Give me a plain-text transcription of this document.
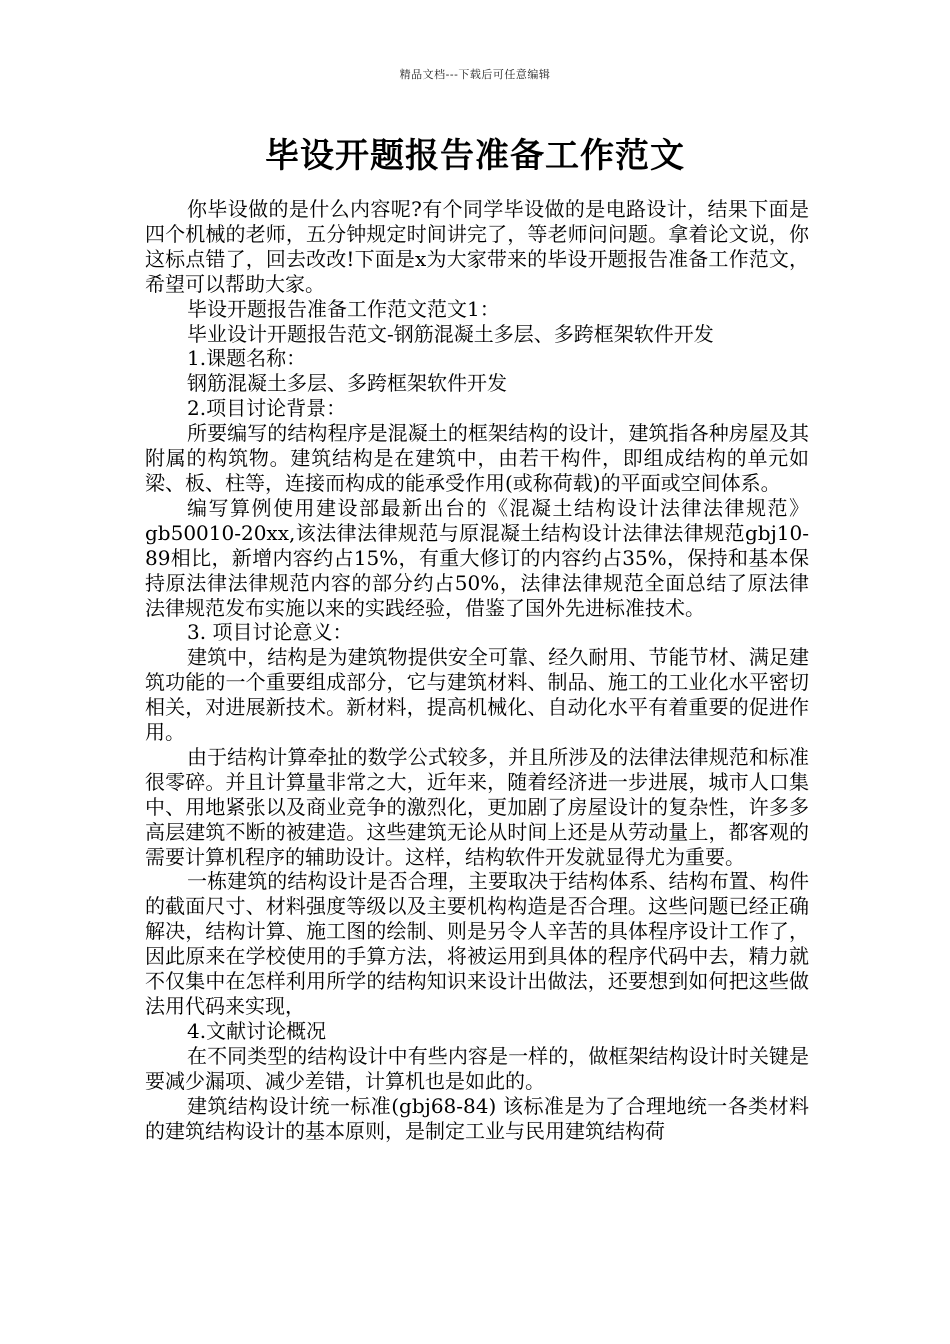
精品文档---下载后可任意编辑
毕设开题报告准备工作范文

你毕设做的是什么内容呢?有个同学毕设做的是电路设计，结果下面是四个机械的老师，五分钟规定时间讲完了，等老师问问题。拿着论文说，你这标点错了，回去改改!下面是x为大家带来的毕设开题报告准备工作范文，希望可以帮助大家。

毕设开题报告准备工作范文范文1：

毕业设计开题报告范文-钢筋混凝土多层、多跨框架软件开发

1.课题名称：

钢筋混凝土多层、多跨框架软件开发

2.项目讨论背景：

所要编写的结构程序是混凝土的框架结构的设计，建筑指各种房屋及其附属的构筑物。建筑结构是在建筑中，由若干构件，即组成结构的单元如梁、板、柱等，连接而构成的能承受作用(或称荷载)的平面或空间体系。

编写算例使用建设部最新出台的《混凝土结构设计法律法律规范》gb50010-20xx,该法律法律规范与原混凝土结构设计法律法律规范gbj10-89相比，新增内容约占15%，有重大修订的内容约占35%，保持和基本保持原法律法律规范内容的部分约占50%，法律法律规范全面总结了原法律法律规范发布实施以来的实践经验，借鉴了国外先进标准技术。

3. 项目讨论意义：

建筑中，结构是为建筑物提供安全可靠、经久耐用、节能节材、满足建筑功能的一个重要组成部分，它与建筑材料、制品、施工的工业化水平密切相关，对进展新技术。新材料，提高机械化、自动化水平有着重要的促进作用。

由于结构计算牵扯的数学公式较多，并且所涉及的法律法律规范和标准很零碎。并且计算量非常之大，近年来，随着经济进一步进展，城市人口集中、用地紧张以及商业竞争的激烈化，更加剧了房屋设计的复杂性，许多多高层建筑不断的被建造。这些建筑无论从时间上还是从劳动量上，都客观的需要计算机程序的辅助设计。这样，结构软件开发就显得尤为重要。

一栋建筑的结构设计是否合理，主要取决于结构体系、结构布置、构件的截面尺寸、材料强度等级以及主要机构构造是否合理。这些问题已经正确解决，结构计算、施工图的绘制、则是另令人辛苦的具体程序设计工作了，因此原来在学校使用的手算方法，将被运用到具体的程序代码中去，精力就不仅集中在怎样利用所学的结构知识来设计出做法，还要想到如何把这些做法用代码来实现，

4.文献讨论概况

在不同类型的结构设计中有些内容是一样的，做框架结构设计时关键是要减少漏项、减少差错，计算机也是如此的。

建筑结构设计统一标准(gbj68-84) 该标准是为了合理地统一各类材料的建筑结构设计的基本原则，是制定工业与民用建筑结构荷
